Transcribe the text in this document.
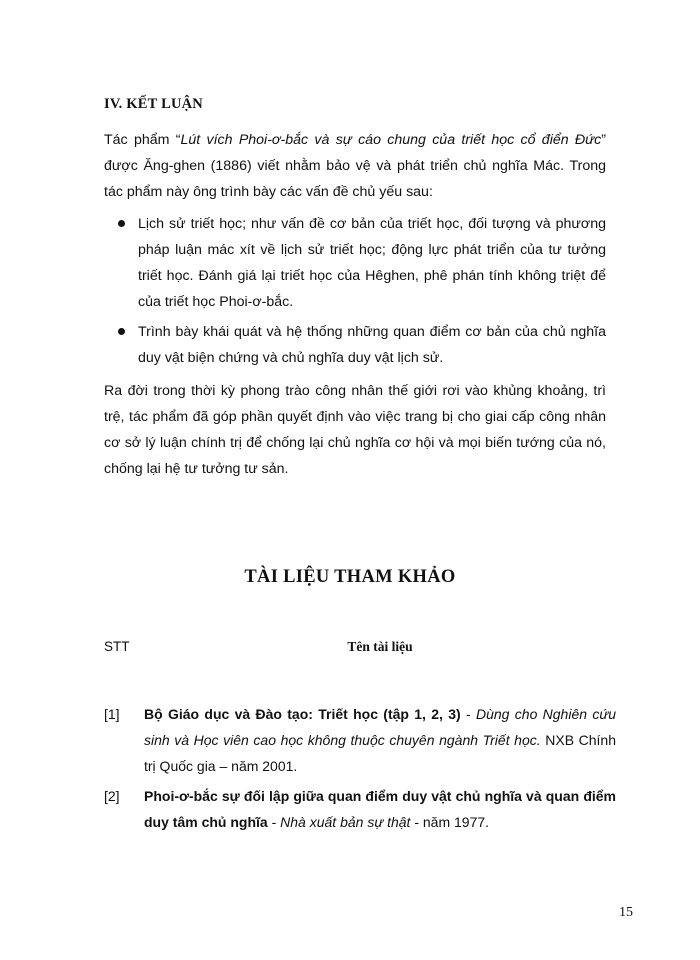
IV. KẾT LUẬN
Tác phẩm “Lút vích Phoi-ơ-bắc và sự cáo chung của triết học cổ điển Đức” được Ăng-ghen (1886) viết nhằm bảo vệ và phát triển chủ nghĩa Mác. Trong tác phẩm này ông trình bày các vấn đề chủ yếu sau:
Lịch sử triết học; như vấn đề cơ bản của triết học, đối tượng và phương pháp luận mác xít về lịch sử triết học; động lực phát triển của tư tưởng triết học. Đánh giá lại triết học của Hêghen, phê phán tính không triệt để của triết học Phoi-ơ-bắc.
Trình bày khái quát và hệ thống những quan điểm cơ bản của chủ nghĩa duy vật biện chứng và chủ nghĩa duy vật lịch sử.
Ra đời trong thời kỳ phong trào công nhân thế giới rơi vào khủng khoảng, trì trệ, tác phẩm đã góp phần quyết định vào việc trang bị cho giai cấp công nhân cơ sở lý luận chính trị để chống lại chủ nghĩa cơ hội và mọi biến tướng của nó, chống lại hệ tư tưởng tư sản.
TÀI LIỆU THAM KHẢO
STT	Tên tài liệu
[1] Bộ Giáo dục và Đào tạo: Triết học (tập 1, 2, 3) - Dùng cho Nghiên cứu sinh và Học viên cao học không thuộc chuyên ngành Triết học. NXB Chính trị Quốc gia – năm 2001.
[2] Phoi-ơ-bắc sự đối lập giữa quan điểm duy vật chủ nghĩa và quan điểm duy tâm chủ nghĩa - Nhà xuất bản sự thật - năm 1977.
15
